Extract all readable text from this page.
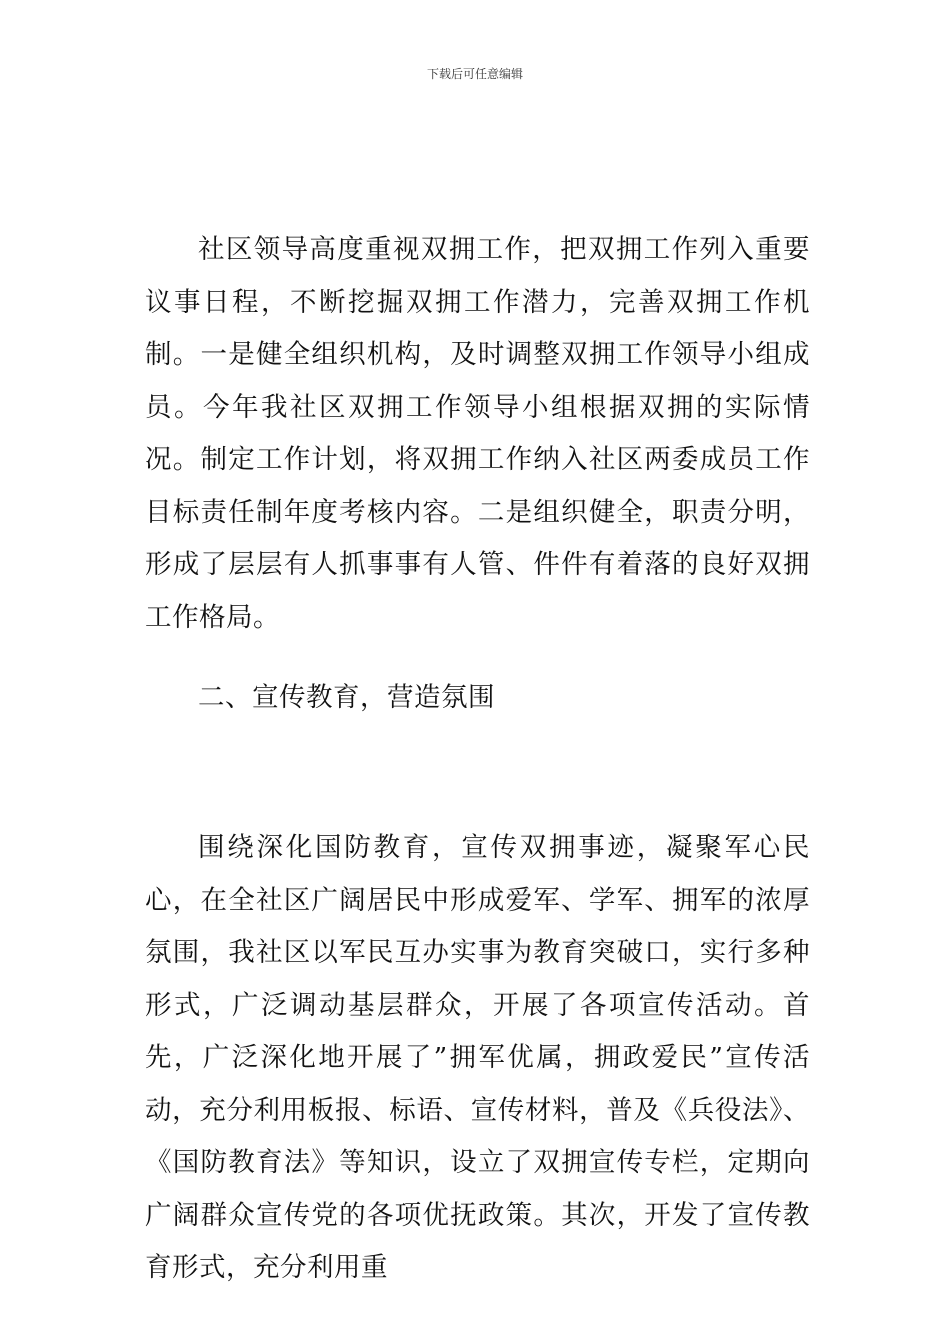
下载后可任意编辑

社区领导高度重视双拥工作，把双拥工作列入重要议事日程，不断挖掘双拥工作潜力，完善双拥工作机制。一是健全组织机构，及时调整双拥工作领导小组成员。今年我社区双拥工作领导小组根据双拥的实际情况。制定工作计划，将双拥工作纳入社区两委成员工作目标责任制年度考核内容。二是组织健全，职责分明，形成了层层有人抓事事有人管、件件有着落的良好双拥工作格局。

二、宣传教育，营造氛围

围绕深化国防教育，宣传双拥事迹，凝聚军心民心，在全社区广阔居民中形成爱军、学军、拥军的浓厚氛围，我社区以军民互办实事为教育突破口，实行多种形式，广泛调动基层群众，开展了各项宣传活动。首先，广泛深化地开展了”拥军优属，拥政爱民”宣传活动，充分利用板报、标语、宣传材料，普及《兵役法》、《国防教育法》等知识，设立了双拥宣传专栏，定期向广阔群众宣传党的各项优抚政策。其次，开发了宣传教育形式，充分利用重
